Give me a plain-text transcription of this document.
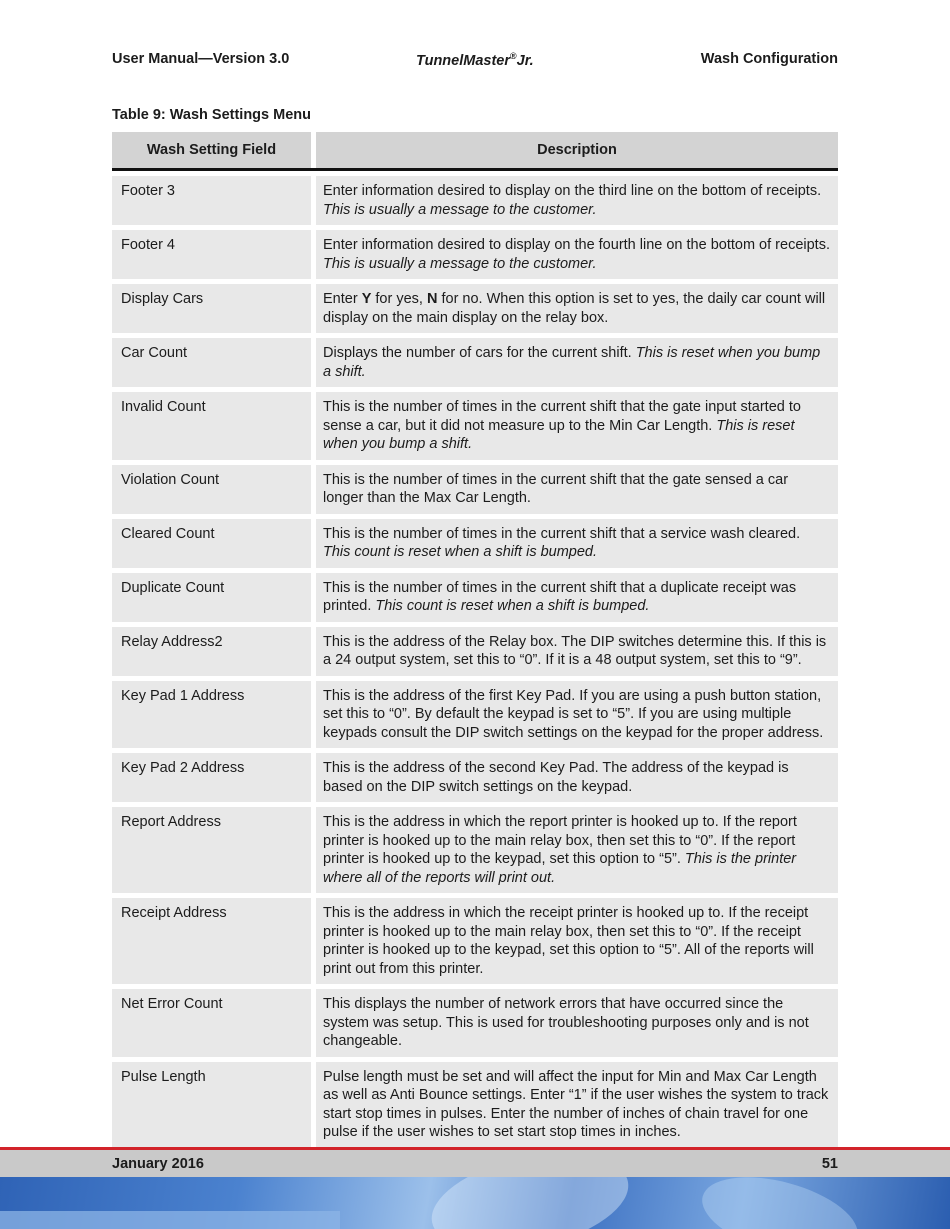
User Manual—Version 3.0	TunnelMaster®Jr.	Wash Configuration
Table 9: Wash Settings Menu
Wash Setting Field	Description
Footer 3	Enter information desired to display on the third line on the bottom of receipts. This is usually a message to the customer.
Footer 4	Enter information desired to display on the fourth line on the bottom of receipts. This is usually a message to the customer.
Display Cars	Enter Y for yes, N for no. When this option is set to yes, the daily car count will display on the main display on the relay box.
Car Count	Displays the number of cars for the current shift. This is reset when you bump a shift.
Invalid Count	This is the number of times in the current shift that the gate input started to sense a car, but it did not measure up to the Min Car Length. This is reset when you bump a shift.
Violation Count	This is the number of times in the current shift that the gate sensed a car longer than the Max Car Length.
Cleared Count	This is the number of times in the current shift that a service wash cleared. This count is reset when a shift is bumped.
Duplicate Count	This is the number of times in the current shift that a duplicate receipt was printed. This count is reset when a shift is bumped.
Relay Address2	This is the address of the Relay box. The DIP switches determine this. If this is a 24 output system, set this to “0”. If it is a 48 output system, set this to “9”.
Key Pad 1 Address	This is the address of the first Key Pad. If you are using a push button station, set this to “0”. By default the keypad is set to “5”. If you are using multiple keypads consult the DIP switch settings on the keypad for the proper address.
Key Pad 2 Address	This is the address of the second Key Pad. The address of the keypad is based on the DIP switch settings on the keypad.
Report Address	This is the address in which the report printer is hooked up to. If the report printer is hooked up to the main relay box, then set this to “0”. If the report printer is hooked up to the keypad, set this option to “5”. This is the printer where all of the reports will print out.
Receipt Address	This is the address in which the receipt printer is hooked up to. If the receipt printer is hooked up to the main relay box, then set this to “0”. If the receipt printer is hooked up to the keypad, set this option to “5”. All of the reports will print out from this printer.
Net Error Count	This displays the number of network errors that have occurred since the system was setup. This is used for troubleshooting purposes only and is not changeable.
Pulse Length	Pulse length must be set and will affect the input for Min and Max Car Length as well as Anti Bounce settings. Enter “1” if the user wishes the system to track start stop times in pulses. Enter the number of inches of chain travel for one pulse if the user wishes to set start stop times in inches.
January 2016	51
